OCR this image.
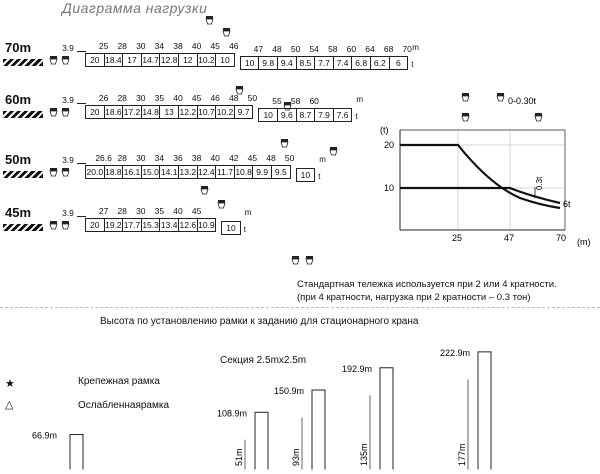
Диаграмма нагрузки
70m	3.9
20 18.4 17 14.7 12.8 12 10.2 10	10 9.8 9.4 8.5 7.7 7.4 6.8 6.2	6
25	28	30	34	38	40	45	46	47	48	50	54	58	60	64	68	70
t
m
60m	3.9
20 18.6 17.2 14.8 13 12.2 10.7 10.2 9.7	10 9.6 8.7 7.9 7.6
26	28	30	35	40	45	46	48	50	55	58	60
t
m
50m	3.9
20.0 18.8 16.1 15.0 14.1 13.2 12.4 11.7 10.8 9.9 9.5	10
26.6 28	30	34	36	38	40	42	45	48	50
t
m
45m	3.9
20 19.2 17.7 15.3 13.4 12.6 10.9	10
27	28	30	35	40	45
t
m
(t)
(m)
20
10
25	47	70
0.3t
6t
0-0.30t
Стандартная тележка используется при 2 или 4 кратности.
(при 4 кратности, нагрузка при 2 кратности – 0.3 тон)
Высота по установлению рамки к заданию для стационарного крана
Секция 2.5mx2.5m
★	Крепежная рамка
△	Ослабленнаярамка
66.9m
108.9m
51m
150.9m
93m
192.9m
135m
222.9m
177m
